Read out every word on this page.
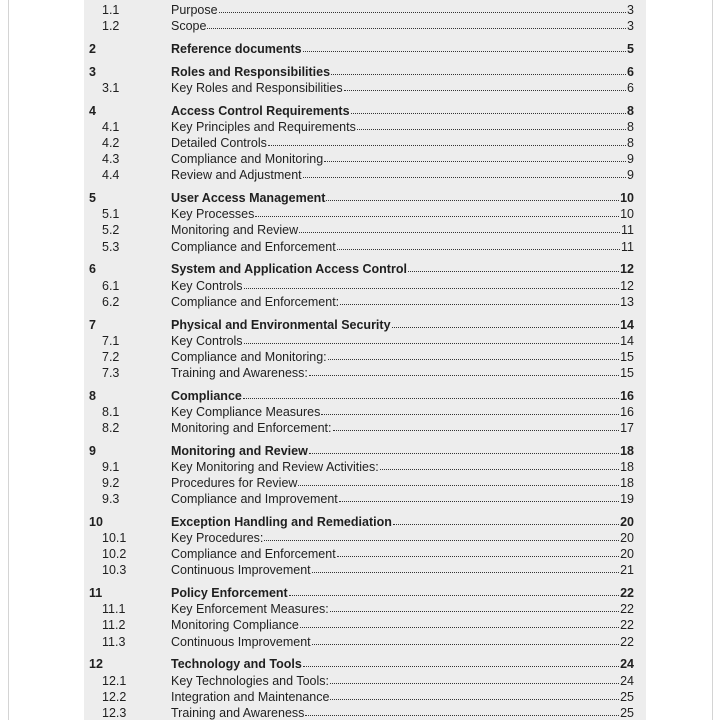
1.1	Purpose	3
1.2	Scope	3
2	Reference documents	5
3	Roles and Responsibilities	6
3.1	Key Roles and Responsibilities	6
4	Access Control Requirements	8
4.1	Key Principles and Requirements	8
4.2	Detailed Controls	8
4.3	Compliance and Monitoring	9
4.4	Review and Adjustment	9
5	User Access Management	10
5.1	Key Processes	10
5.2	Monitoring and Review	11
5.3	Compliance and Enforcement	11
6	System and Application Access Control	12
6.1	Key Controls	12
6.2	Compliance and Enforcement:	13
7	Physical and Environmental Security	14
7.1	Key Controls	14
7.2	Compliance and Monitoring:	15
7.3	Training and Awareness:	15
8	Compliance	16
8.1	Key Compliance Measures	16
8.2	Monitoring and Enforcement:	17
9	Monitoring and Review	18
9.1	Key Monitoring and Review Activities:	18
9.2	Procedures for Review	18
9.3	Compliance and Improvement	19
10	Exception Handling and Remediation	20
10.1	Key Procedures:	20
10.2	Compliance and Enforcement	20
10.3	Continuous Improvement	21
11	Policy Enforcement	22
11.1	Key Enforcement Measures:	22
11.2	Monitoring Compliance	22
11.3	Continuous Improvement	22
12	Technology and Tools	24
12.1	Key Technologies and Tools:	24
12.2	Integration and Maintenance	25
12.3	Training and Awareness	25
